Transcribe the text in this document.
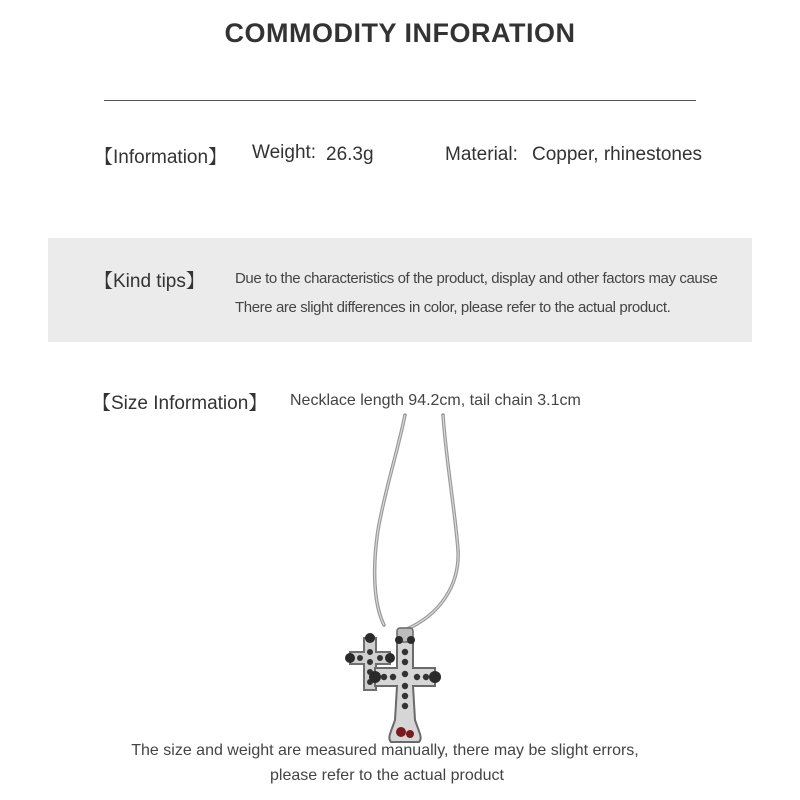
COMMODITY INFORATION
【Information】 Weight: 26.3g	Material: Copper, rhinestones
【Kind tips】 Due to the characteristics of the product, display and other factors may cause
There are slight differences in color, please refer to the actual product.
【Size Information】 Necklace length 94.2cm, tail chain 3.1cm
The size and weight are measured manually, there may be slight errors,
please refer to the actual product
